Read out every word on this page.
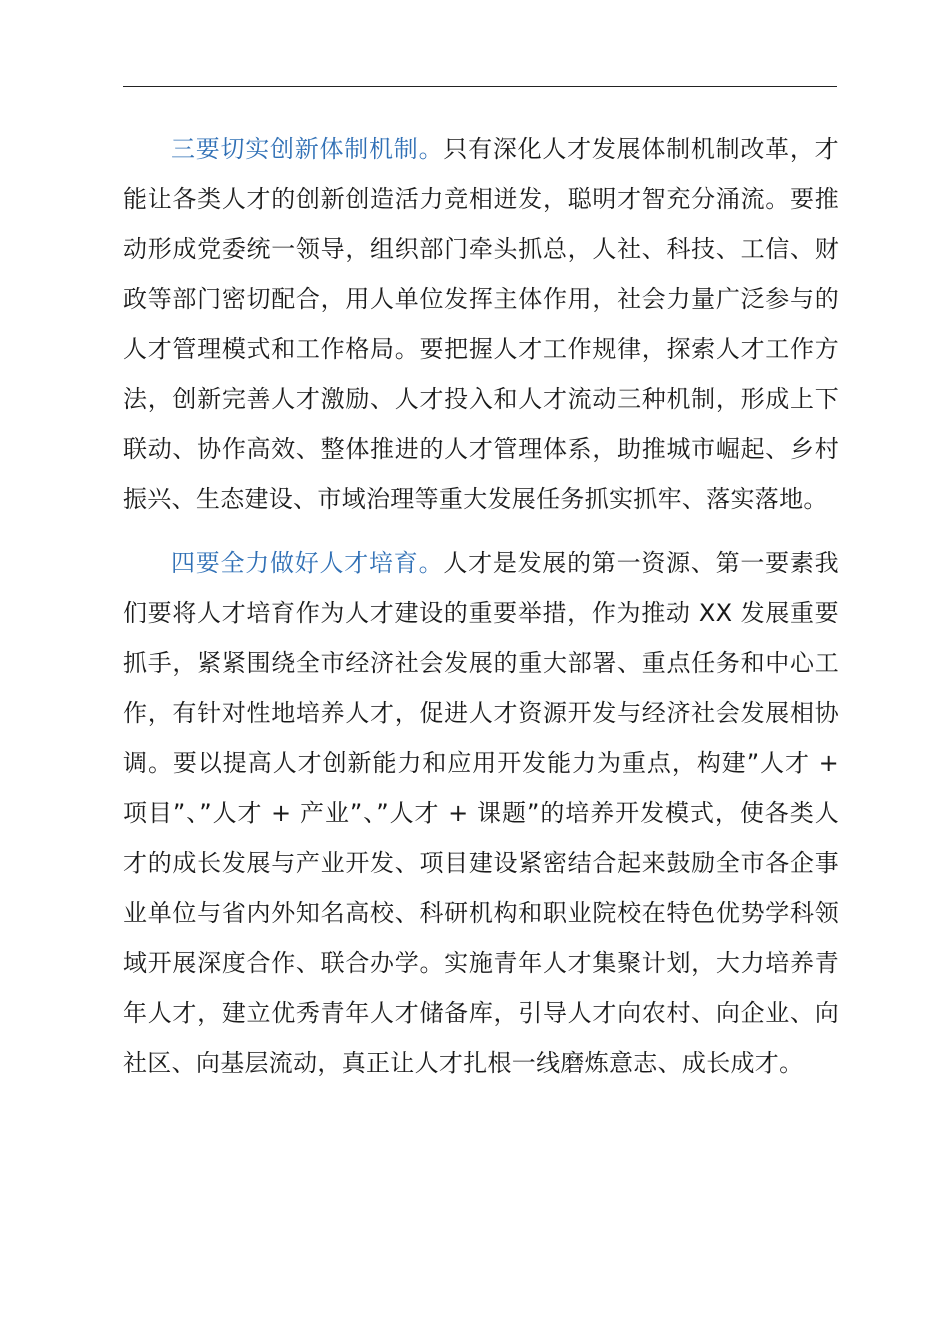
三要切实创新体制机制。只有深化人才发展体制机制改革，才能让各类人才的创新创造活力竞相迸发，聪明才智充分涌流。要推动形成党委统一领导，组织部门牵头抓总，人社、科技、工信、财政等部门密切配合，用人单位发挥主体作用，社会力量广泛参与的人才管理模式和工作格局。要把握人才工作规律，探索人才工作方法，创新完善人才激励、人才投入和人才流动三种机制，形成上下联动、协作高效、整体推进的人才管理体系，助推城市崛起、乡村振兴、生态建设、市域治理等重大发展任务抓实抓牢、落实落地。

四要全力做好人才培育。人才是发展的第一资源、第一要素我们要将人才培育作为人才建设的重要举措，作为推动 XX 发展重要抓手，紧紧围绕全市经济社会发展的重大部署、重点任务和中心工作，有针对性地培养人才，促进人才资源开发与经济社会发展相协调。要以提高人才创新能力和应用开发能力为重点，构建”人才 + 项目”、”人才 + 产业”、”人才 + 课题”的培养开发模式，使各类人才的成长发展与产业开发、项目建设紧密结合起来鼓励全市各企事业单位与省内外知名高校、科研机构和职业院校在特色优势学科领域开展深度合作、联合办学。实施青年人才集聚计划，大力培养青年人才，建立优秀青年人才储备库，引导人才向农村、向企业、向社区、向基层流动，真正让人才扎根一线磨炼意志、成长成才。
